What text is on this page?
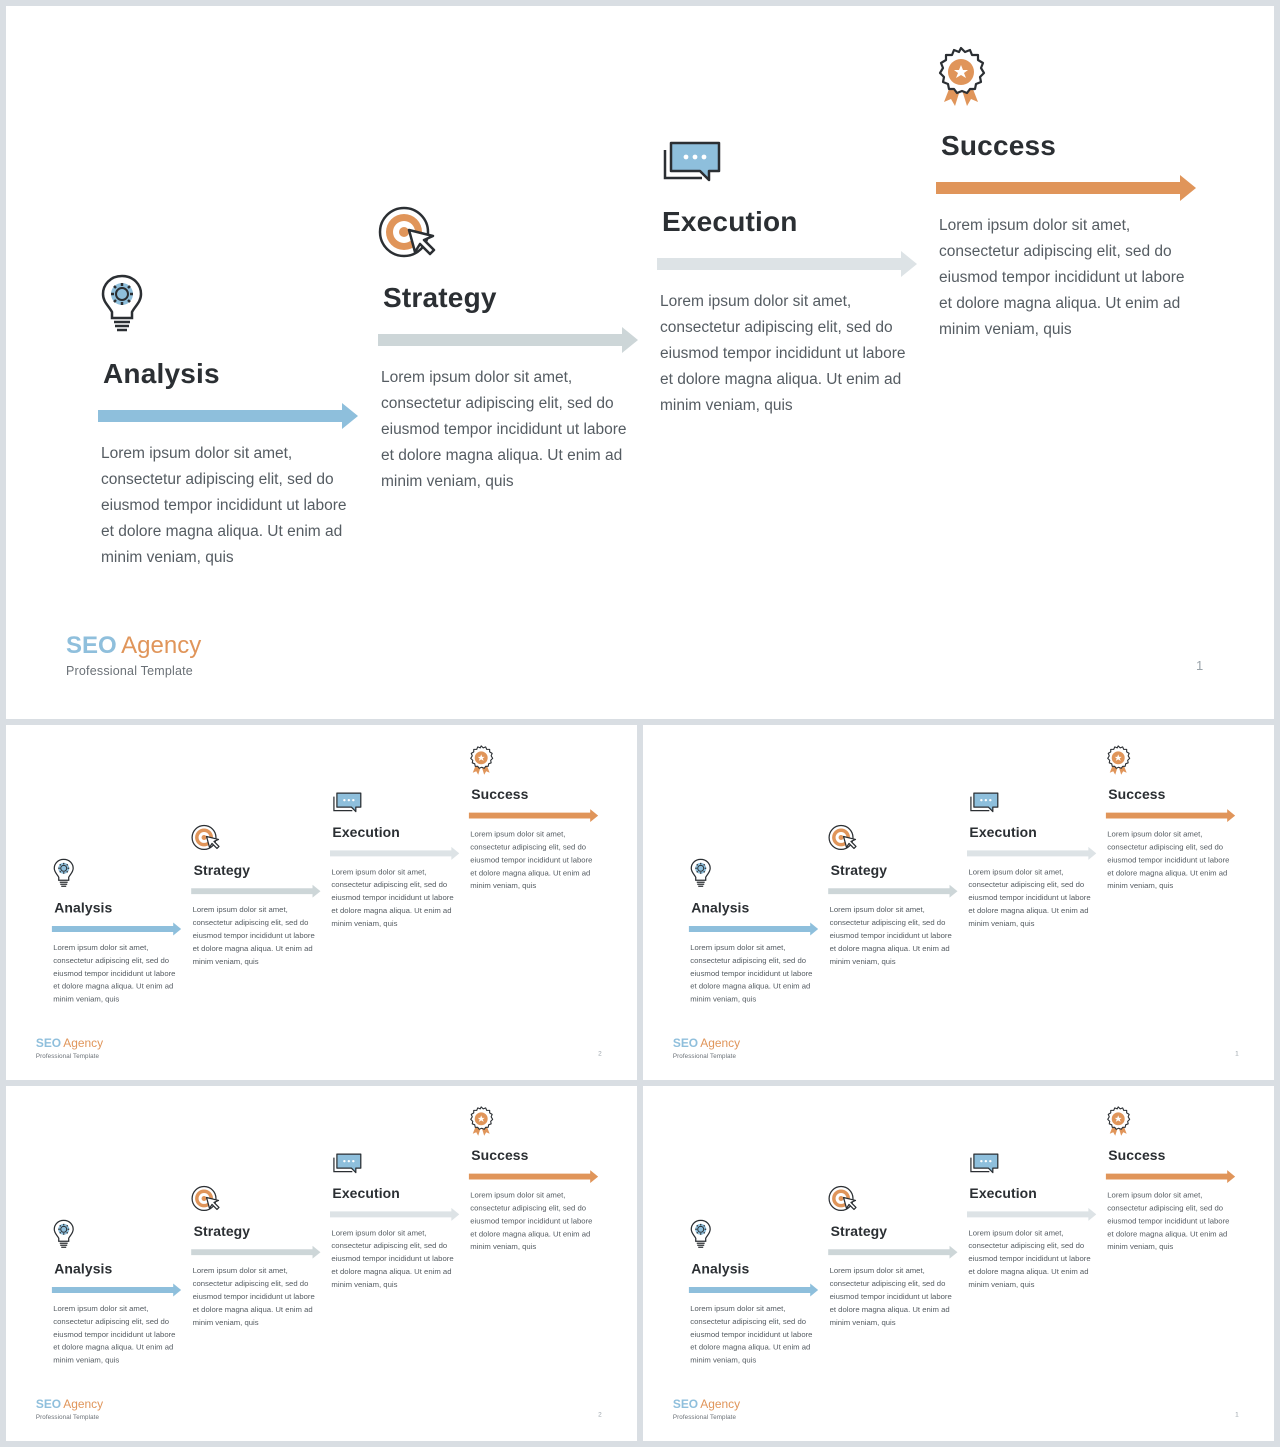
Analysis
Lorem ipsum dolor sit amet, consectetur adipiscing elit, sed do eiusmod tempor incididunt ut labore et dolore magna aliqua. Ut enim ad minim veniam, quis
Strategy
Lorem ipsum dolor sit amet, consectetur adipiscing elit, sed do eiusmod tempor incididunt ut labore et dolore magna aliqua. Ut enim ad minim veniam, quis
Execution
Lorem ipsum dolor sit amet, consectetur adipiscing elit, sed do eiusmod tempor incididunt ut labore et dolore magna aliqua. Ut enim ad minim veniam, quis
Success
Lorem ipsum dolor sit amet, consectetur adipiscing elit, sed do eiusmod tempor incididunt ut labore et dolore magna aliqua. Ut enim ad minim veniam, quis
SEO Agency
Professional Template	1
Analysis
Lorem ipsum dolor sit amet, consectetur adipiscing elit, sed do eiusmod tempor incididunt ut labore et dolore magna aliqua. Ut enim ad minim veniam, quis
Strategy
Lorem ipsum dolor sit amet, consectetur adipiscing elit, sed do eiusmod tempor incididunt ut labore et dolore magna aliqua. Ut enim ad minim veniam, quis
Execution
Lorem ipsum dolor sit amet, consectetur adipiscing elit, sed do eiusmod tempor incididunt ut labore et dolore magna aliqua. Ut enim ad minim veniam, quis
Success
Lorem ipsum dolor sit amet, consectetur adipiscing elit, sed do eiusmod tempor incididunt ut labore et dolore magna aliqua. Ut enim ad minim veniam, quis
SEO Agency
Professional Template	2
Analysis
Lorem ipsum dolor sit amet, consectetur adipiscing elit, sed do eiusmod tempor incididunt ut labore et dolore magna aliqua. Ut enim ad minim veniam, quis
Strategy
Lorem ipsum dolor sit amet, consectetur adipiscing elit, sed do eiusmod tempor incididunt ut labore et dolore magna aliqua. Ut enim ad minim veniam, quis
Execution
Lorem ipsum dolor sit amet, consectetur adipiscing elit, sed do eiusmod tempor incididunt ut labore et dolore magna aliqua. Ut enim ad minim veniam, quis
Success
Lorem ipsum dolor sit amet, consectetur adipiscing elit, sed do eiusmod tempor incididunt ut labore et dolore magna aliqua. Ut enim ad minim veniam, quis
SEO Agency
Professional Template	1
Analysis
Lorem ipsum dolor sit amet, consectetur adipiscing elit, sed do eiusmod tempor incididunt ut labore et dolore magna aliqua. Ut enim ad minim veniam, quis
Strategy
Lorem ipsum dolor sit amet, consectetur adipiscing elit, sed do eiusmod tempor incididunt ut labore et dolore magna aliqua. Ut enim ad minim veniam, quis
Execution
Lorem ipsum dolor sit amet, consectetur adipiscing elit, sed do eiusmod tempor incididunt ut labore et dolore magna aliqua. Ut enim ad minim veniam, quis
Success
Lorem ipsum dolor sit amet, consectetur adipiscing elit, sed do eiusmod tempor incididunt ut labore et dolore magna aliqua. Ut enim ad minim veniam, quis
SEO Agency
Professional Template	2
Analysis
Lorem ipsum dolor sit amet, consectetur adipiscing elit, sed do eiusmod tempor incididunt ut labore et dolore magna aliqua. Ut enim ad minim veniam, quis
Strategy
Lorem ipsum dolor sit amet, consectetur adipiscing elit, sed do eiusmod tempor incididunt ut labore et dolore magna aliqua. Ut enim ad minim veniam, quis
Execution
Lorem ipsum dolor sit amet, consectetur adipiscing elit, sed do eiusmod tempor incididunt ut labore et dolore magna aliqua. Ut enim ad minim veniam, quis
Success
Lorem ipsum dolor sit amet, consectetur adipiscing elit, sed do eiusmod tempor incididunt ut labore et dolore magna aliqua. Ut enim ad minim veniam, quis
SEO Agency
Professional Template	1
